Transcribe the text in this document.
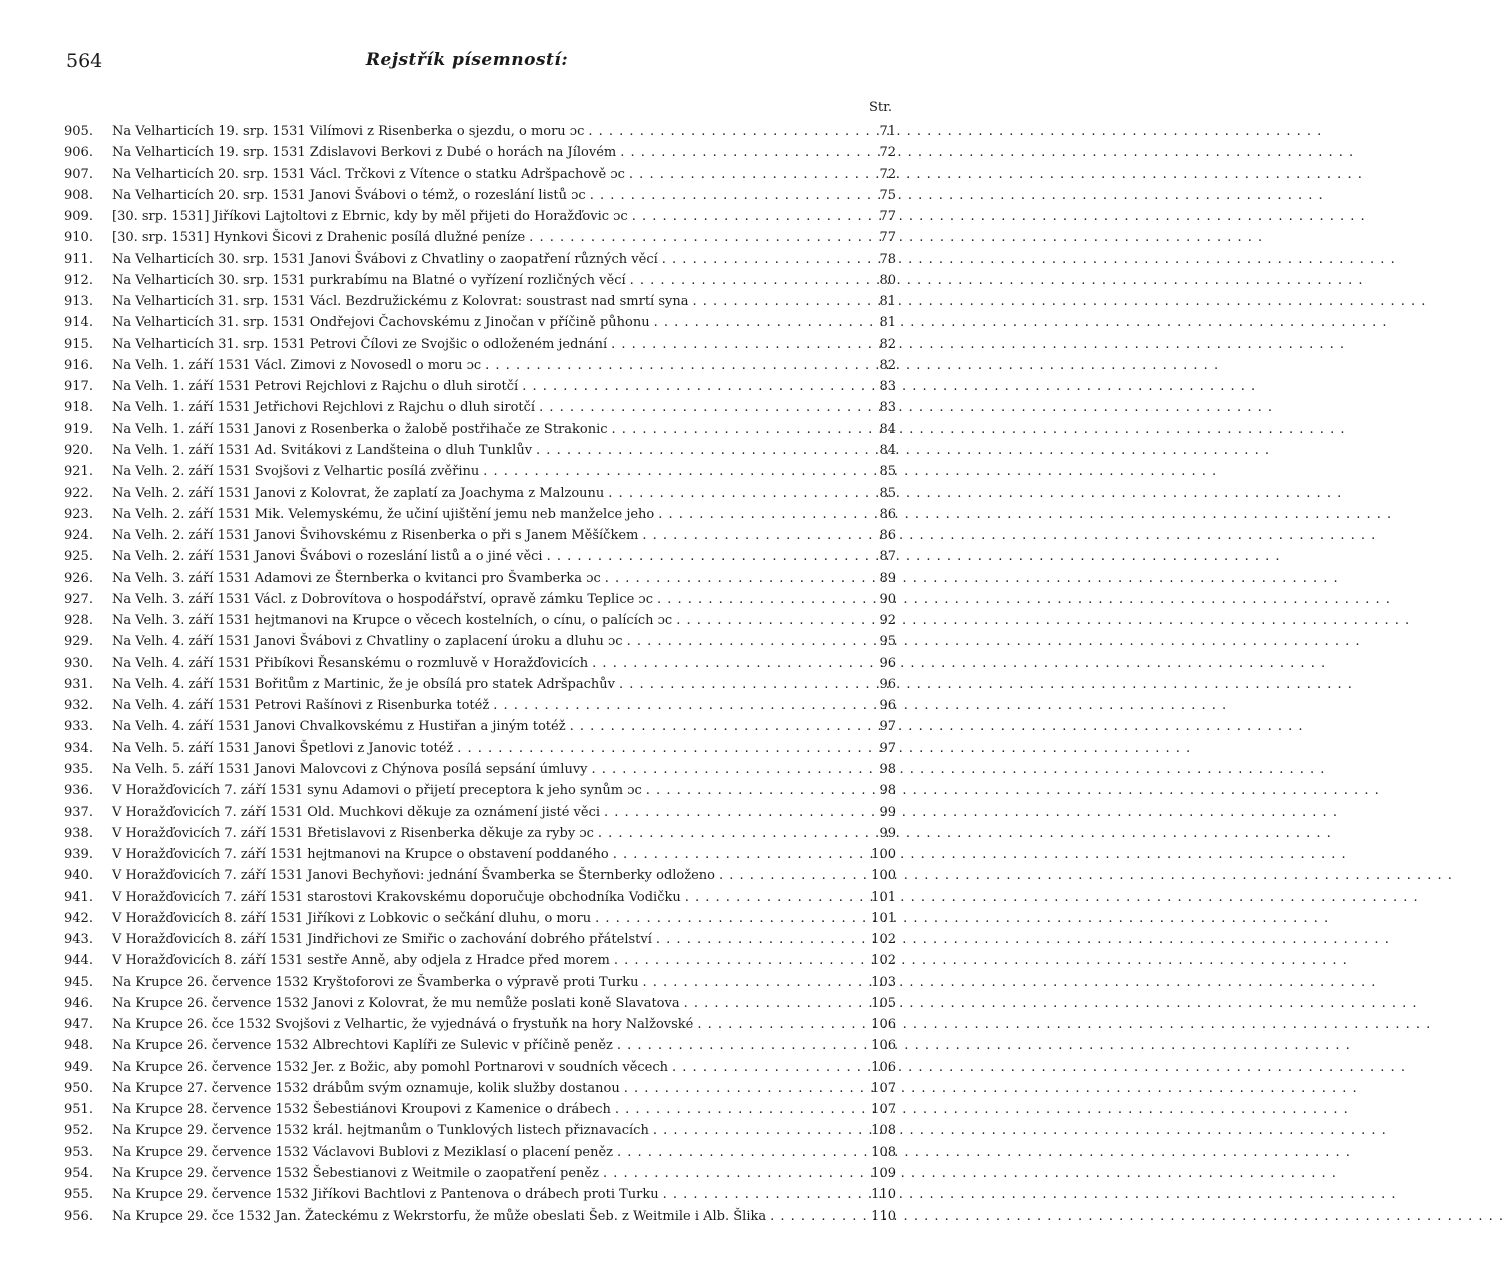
564	Rejstřík písemností:
Str.
905.	Na Velharticích 19. srp. 1531 Vilímovi z Risenberka o sjezdu, o moru ɔc . . .	71
906.	Na Velharticích 19. srp. 1531 Zdislavovi Berkovi z Dubé o horách na Jílovém . . .	72
907.	Na Velharticích 20. srp. 1531 Václ. Trčkovi z Vítence o statku Adršpachově ɔc . . .	72
908.	Na Velharticích 20. srp. 1531 Janovi Švábovi o témž, o rozeslání listů ɔc . . .	75
909.	[30. srp. 1531] Jiříkovi Lajtoltovi z Ebrnic, kdy by měl přijeti do Horažďovic ɔc . . .	77
910.	[30. srp. 1531] Hynkovi Šicovi z Drahenic posílá dlužné peníze . . .	77
911.	Na Velharticích 30. srp. 1531 Janovi Švábovi z Chvatliny o zaopatření různých věcí . . .	78
912.	Na Velharticích 30. srp. 1531 purkrabímu na Blatné o vyřízení rozličných věcí . . .	80
913.	Na Velharticích 31. srp. 1531 Václ. Bezdružickému z Kolovrat: soustrast nad smrtí syna . . .	81
914.	Na Velharticích 31. srp. 1531 Ondřejovi Čachovskému z Jinočan v příčině půhonu . . .	81
915.	Na Velharticích 31. srp. 1531 Petrovi Čílovi ze Svojšic o odloženém jednání . . .	82
916.	Na Velh. 1. září 1531 Václ. Zimovi z Novosedl o moru ɔc . . .	82
917.	Na Velh. 1. září 1531 Petrovi Rejchlovi z Rajchu o dluh sirotčí . . .	83
918.	Na Velh. 1. září 1531 Jetřichovi Rejchlovi z Rajchu o dluh sirotčí . . .	83
919.	Na Velh. 1. září 1531 Janovi z Rosenberka o žalobě postřihače ze Strakonic . . .	84
920.	Na Velh. 1. září 1531 Ad. Svitákovi z Landšteina o dluh Tunklův . . .	84
921.	Na Velh. 2. září 1531 Svojšovi z Velhartic posílá zvěřinu . . .	85
922.	Na Velh. 2. září 1531 Janovi z Kolovrat, že zaplatí za Joachyma z Malzounu . . .	85
923.	Na Velh. 2. září 1531 Mik. Velemyskému, že učiní ujištění jemu neb manželce jeho . . .	86
924.	Na Velh. 2. září 1531 Janovi Švihovskému z Risenberka o při s Janem Měšíčkem . . .	86
925.	Na Velh. 2. září 1531 Janovi Švábovi o rozeslání listů a o jiné věci . . .	87
926.	Na Velh. 3. září 1531 Adamovi ze Šternberka o kvitanci pro Švamberka ɔc . . .	89
927.	Na Velh. 3. září 1531 Václ. z Dobrovítova o hospodářství, opravě zámku Teplice ɔc . . .	90
928.	Na Velh. 3. září 1531 hejtmanovi na Krupce o věcech kostelních, o cínu, o palících ɔc . . .	92
929.	Na Velh. 4. září 1531 Janovi Švábovi z Chvatliny o zaplacení úroku a dluhu ɔc . . .	95
930.	Na Velh. 4. září 1531 Přibíkovi Řesanskému o rozmluvě v Horažďovicích . . .	96
931.	Na Velh. 4. září 1531 Bořitům z Martinic, že je obsílá pro statek Adršpachův . . .	96
932.	Na Velh. 4. září 1531 Petrovi Rašínovi z Risenburka totéž . . .	96
933.	Na Velh. 4. září 1531 Janovi Chvalkovskému z Hustiřan a jiným totéž . . .	97
934.	Na Velh. 5. září 1531 Janovi Špetlovi z Janovic totéž . . .	97
935.	Na Velh. 5. září 1531 Janovi Malovcovi z Chýnova posílá sepsání úmluvy . . .	98
936.	V Horažďovicích 7. září 1531 synu Adamovi o přijetí preceptora k jeho synům ɔc . . .	98
937.	V Horažďovicích 7. září 1531 Old. Muchkovi děkuje za oznámení jisté věci . . .	99
938.	V Horažďovicích 7. září 1531 Břetislavovi z Risenberka děkuje za ryby ɔc . . .	99
939.	V Horažďovicích 7. září 1531 hejtmanovi na Krupce o obstavení poddaného . . .	100
940.	V Horažďovicích 7. září 1531 Janovi Bechyňovi: jednání Švamberka se Šternberky odloženo . . .	100
941.	V Horažďovicích 7. září 1531 starostovi Krakovskému doporučuje obchodníka Vodičku . . .	101
942.	V Horažďovicích 8. září 1531 Jiříkovi z Lobkovic o sečkání dluhu, o moru . . .	101
943.	V Horažďovicích 8. září 1531 Jindřichovi ze Smiřic o zachování dobrého přátelství . . .	102
944.	V Horažďovicích 8. září 1531 sestře Anně, aby odjela z Hradce před morem . . .	102
945.	Na Krupce 26. července 1532 Kryštoforovi ze Švamberka o výpravě proti Turku . . .	103
946.	Na Krupce 26. července 1532 Janovi z Kolovrat, že mu nemůže poslati koně Slavatova . . .	105
947.	Na Krupce 26. čce 1532 Svojšovi z Velhartic, že vyjednává o frystuňk na hory Nalžovské . . .	106
948.	Na Krupce 26. července 1532 Albrechtovi Kaplíři ze Sulevic v příčině peněz . . .	106
949.	Na Krupce 26. července 1532 Jer. z Božic, aby pomohl Portnarovi v soudních věcech . . .	106
950.	Na Krupce 27. července 1532 drábům svým oznamuje, kolik služby dostanou . . .	107
951.	Na Krupce 28. července 1532 Šebestiánovi Kroupovi z Kamenice o drábech . . .	107
952.	Na Krupce 29. července 1532 král. hejtmanům o Tunklových listech přiznavacích . . .	108
953.	Na Krupce 29. července 1532 Václavovi Bublovi z Meziklasí o placení peněz . . .	108
954.	Na Krupce 29. července 1532 Šebestianovi z Weitmile o zaopatření peněz . . .	109
955.	Na Krupce 29. července 1532 Jiříkovi Bachtlovi z Pantenova o drábech proti Turku . . .	110
956.	Na Krupce 29. čce 1532 Jan. Žateckému z Wekrstorfu, že může obeslati Šeb. z Weitmile i Alb. Šlika . . .	110
